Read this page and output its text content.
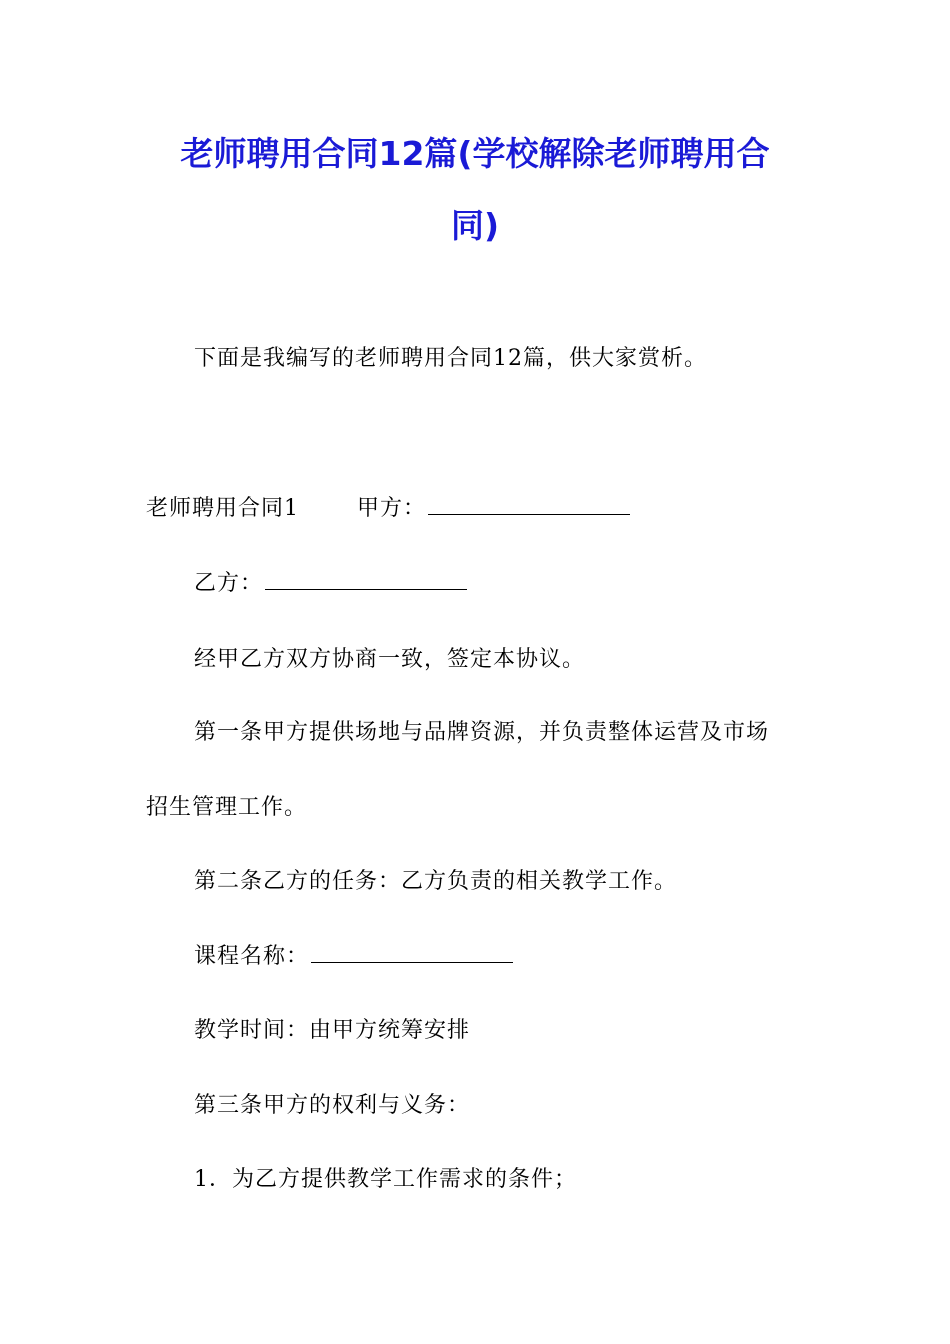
老师聘用合同12篇(学校解除老师聘用合
同)
下面是我编写的老师聘用合同12篇，供大家赏析。
老师聘用合同1	甲方：
乙方：
经甲乙方双方协商一致，签定本协议。
第一条甲方提供场地与品牌资源，并负责整体运营及市场
招生管理工作。
第二条乙方的任务：乙方负责的相关教学工作。
课程名称：
教学时间：由甲方统筹安排
第三条甲方的权利与义务：
1．为乙方提供教学工作需求的条件；
